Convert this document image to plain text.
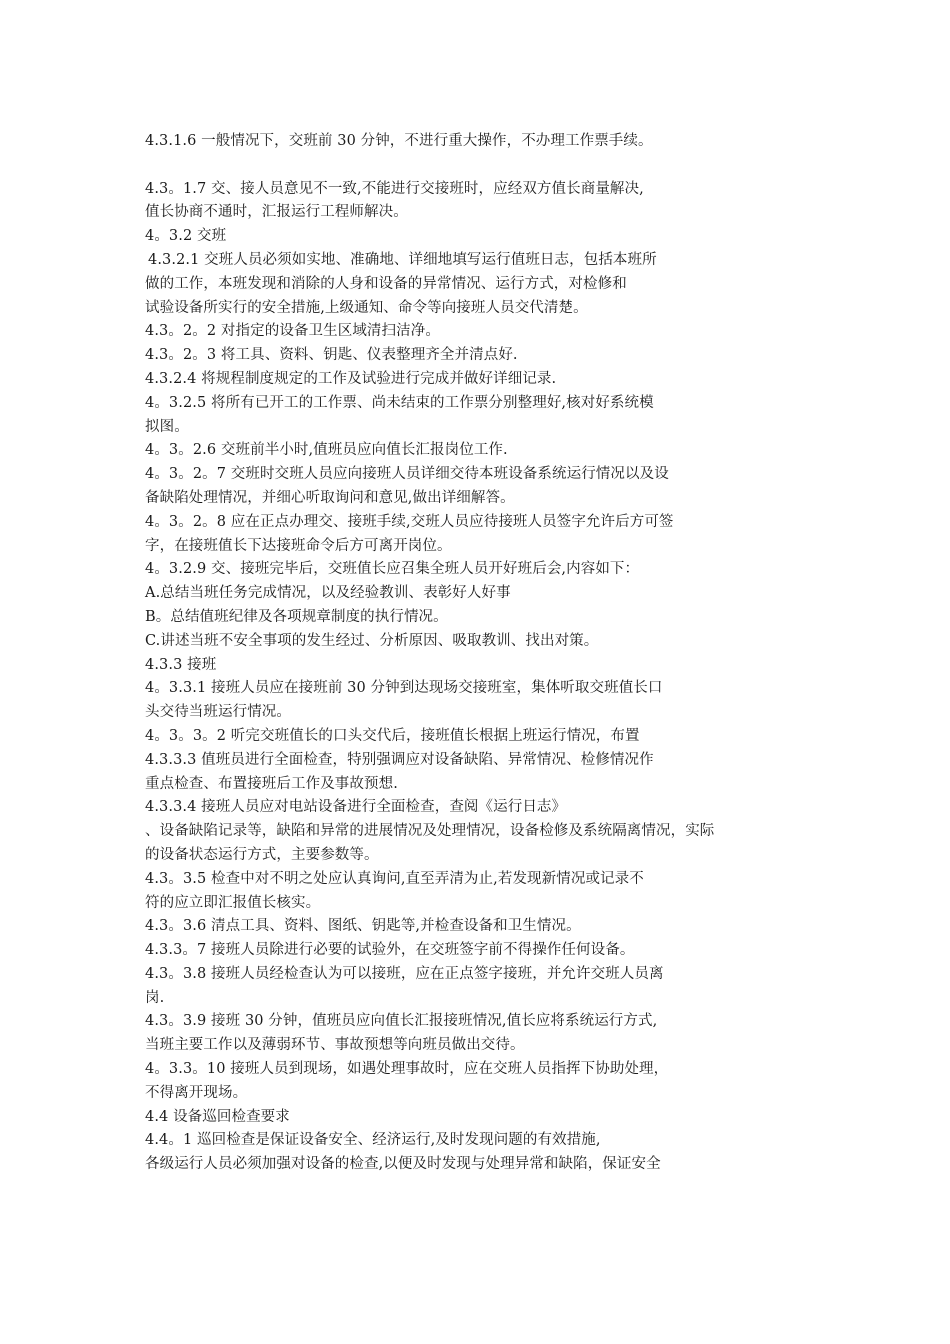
4.3.1.6 一般情况下，交班前 30 分钟，不进行重大操作，不办理工作票手续。
4.3。1.7 交、接人员意见不一致,不能进行交接班时，应经双方值长商量解决,
值长协商不通时，汇报运行工程师解决。
4。3.2 交班
4.3.2.1 交班人员必须如实地、准确地、详细地填写运行值班日志，包括本班所
做的工作，本班发现和消除的人身和设备的异常情况、运行方式，对检修和
试验设备所实行的安全措施,上级通知、命令等向接班人员交代清楚。
4.3。2。2 对指定的设备卫生区域清扫洁净。
4.3。2。3 将工具、资料、钥匙、仪表整理齐全并清点好.
4.3.2.4 将规程制度规定的工作及试验进行完成并做好详细记录.
4。3.2.5 将所有已开工的工作票、尚未结束的工作票分别整理好,核对好系统模
拟图。
4。3。2.6 交班前半小时,值班员应向值长汇报岗位工作.
4。3。2。7 交班时交班人员应向接班人员详细交待本班设备系统运行情况以及设
备缺陷处理情况，并细心听取询问和意见,做出详细解答。
4。3。2。8 应在正点办理交、接班手续,交班人员应待接班人员签字允许后方可签
字，在接班值长下达接班命令后方可离开岗位。
4。3.2.9 交、接班完毕后，交班值长应召集全班人员开好班后会,内容如下：
A.总结当班任务完成情况，以及经验教训、表彰好人好事
B。总结值班纪律及各项规章制度的执行情况。
C.讲述当班不安全事项的发生经过、分析原因、吸取教训、找出对策。
4.3.3 接班
4。3.3.1 接班人员应在接班前 30 分钟到达现场交接班室，集体听取交班值长口
头交待当班运行情况。
4。3。3。2 听完交班值长的口头交代后，接班值长根据上班运行情况，布置
4.3.3.3 值班员进行全面检查，特别强调应对设备缺陷、异常情况、检修情况作
重点检查、布置接班后工作及事故预想.
4.3.3.4 接班人员应对电站设备进行全面检查，查阅《运行日志》
、设备缺陷记录等，缺陷和异常的进展情况及处理情况，设备检修及系统隔离情况，实际
的设备状态运行方式，主要参数等。
4.3。3.5 检查中对不明之处应认真询问,直至弄清为止,若发现新情况或记录不
符的应立即汇报值长核实。
4.3。3.6 清点工具、资料、图纸、钥匙等,并检查设备和卫生情况。
4.3.3。7 接班人员除进行必要的试验外，在交班签字前不得操作任何设备。
4.3。3.8 接班人员经检查认为可以接班，应在正点签字接班，并允许交班人员离
岗.
4.3。3.9 接班 30 分钟，值班员应向值长汇报接班情况,值长应将系统运行方式,
当班主要工作以及薄弱环节、事故预想等向班员做出交待。
4。3.3。10 接班人员到现场，如遇处理事故时，应在交班人员指挥下协助处理，
不得离开现场。
4.4 设备巡回检查要求
4.4。1 巡回检查是保证设备安全、经济运行,及时发现问题的有效措施,
各级运行人员必须加强对设备的检查,以便及时发现与处理异常和缺陷，保证安全
